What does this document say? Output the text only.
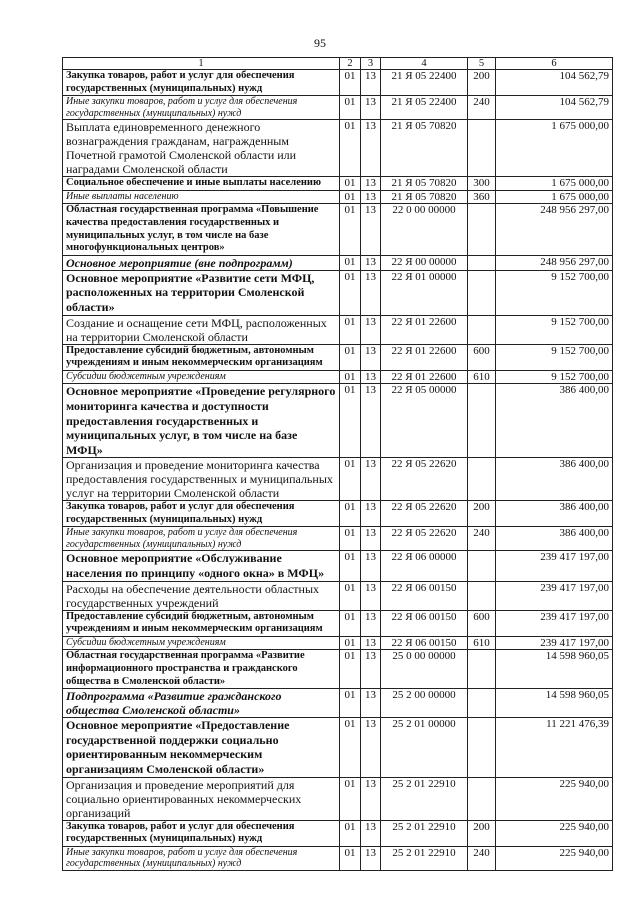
95
1	2	3	4	5	6
Закупка товаров, работ и услуг для обеспечения государственных (муниципальных) нужд	01	13	21 Я 05 22400	200	104 562,79
Иные закупки товаров, работ и услуг для обеспечения государственных (муниципальных) нужд	01	13	21 Я 05 22400	240	104 562,79
Выплата единовременного денежного вознаграждения гражданам, награжденным Почетной грамотой Смоленской области или наградами Смоленской области	01	13	21 Я 05 70820		1 675 000,00
Социальное обеспечение и иные выплаты населению	01	13	21 Я 05 70820	300	1 675 000,00
Иные выплаты населению	01	13	21 Я 05 70820	360	1 675 000,00
Областная государственная программа «Повышение качества предоставления государственных и муниципальных услуг, в том числе на базе многофункциональных центров»	01	13	22 0 00 00000		248 956 297,00
Основное мероприятие (вне подпрограмм)	01	13	22 Я 00 00000		248 956 297,00
Основное мероприятие «Развитие сети МФЦ, расположенных на территории Смоленской области»	01	13	22 Я 01 00000		9 152 700,00
Создание и оснащение сети МФЦ, расположенных на территории Смоленской области	01	13	22 Я 01 22600		9 152 700,00
Предоставление субсидий бюджетным, автономным учреждениям и иным некоммерческим организациям	01	13	22 Я 01 22600	600	9 152 700,00
Субсидии бюджетным учреждениям	01	13	22 Я 01 22600	610	9 152 700,00
Основное мероприятие «Проведение регулярного мониторинга качества и доступности предоставления государственных и муниципальных услуг, в том числе на базе МФЦ»	01	13	22 Я 05 00000		386 400,00
Организация и проведение мониторинга качества предоставления государственных и муниципальных услуг на территории Смоленской области	01	13	22 Я 05 22620		386 400,00
Закупка товаров, работ и услуг для обеспечения государственных (муниципальных) нужд	01	13	22 Я 05 22620	200	386 400,00
Иные закупки товаров, работ и услуг для обеспечения государственных (муниципальных) нужд	01	13	22 Я 05 22620	240	386 400,00
Основное мероприятие «Обслуживание населения по принципу «одного окна» в МФЦ»	01	13	22 Я 06 00000		239 417 197,00
Расходы на обеспечение деятельности областных государственных учреждений	01	13	22 Я 06 00150		239 417 197,00
Предоставление субсидий бюджетным, автономным учреждениям и иным некоммерческим организациям	01	13	22 Я 06 00150	600	239 417 197,00
Субсидии бюджетным учреждениям	01	13	22 Я 06 00150	610	239 417 197,00
Областная государственная программа «Развитие информационного пространства и гражданского общества в Смоленской области»	01	13	25 0 00 00000		14 598 960,05
Подпрограмма «Развитие гражданского общества Смоленской области»	01	13	25 2 00 00000		14 598 960,05
Основное мероприятие «Предоставление государственной поддержки социально ориентированным некоммерческим организациям Смоленской области»	01	13	25 2 01 00000		11 221 476,39
Организация и проведение мероприятий для социально ориентированных некоммерческих организаций	01	13	25 2 01 22910		225 940,00
Закупка товаров, работ и услуг для обеспечения государственных (муниципальных) нужд	01	13	25 2 01 22910	200	225 940,00
Иные закупки товаров, работ и услуг для обеспечения государственных (муниципальных) нужд	01	13	25 2 01 22910	240	225 940,00
